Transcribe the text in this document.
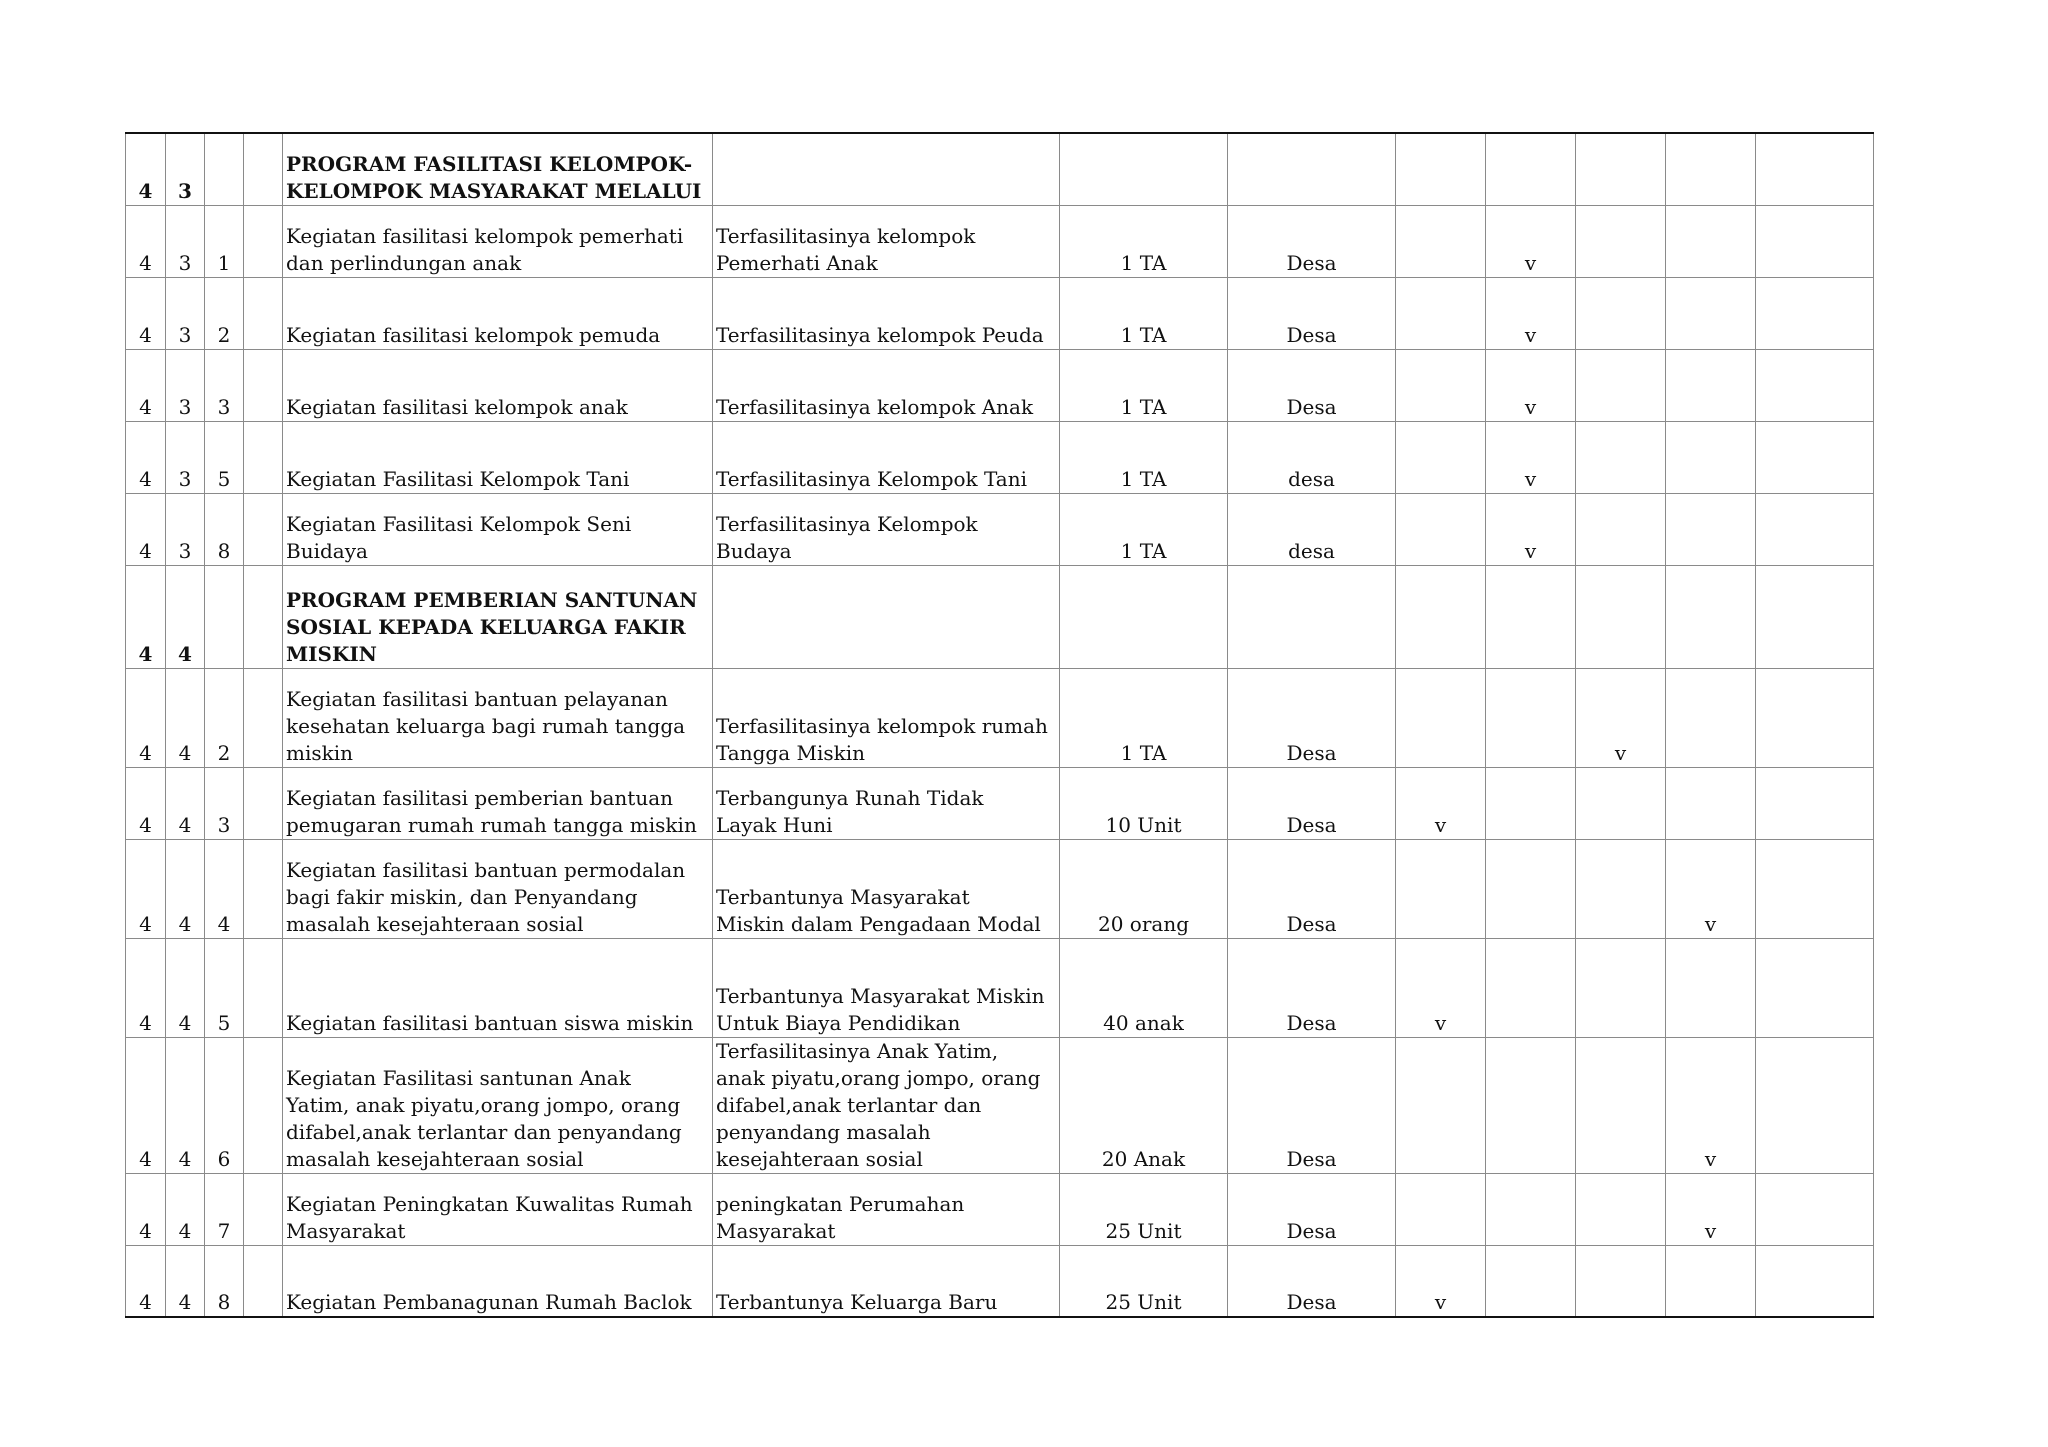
4	3			PROGRAM FASILITASI KELOMPOK-
KELOMPOK MASYARAKAT MELALUI								
4	3	1		Kegiatan fasilitasi kelompok pemerhati
dan perlindungan anak	Terfasilitasinya kelompok
Pemerhati Anak	1 TA	Desa		v			
4	3	2		Kegiatan fasilitasi kelompok pemuda	Terfasilitasinya kelompok Peuda	1 TA	Desa		v			
4	3	3		Kegiatan fasilitasi kelompok anak	Terfasilitasinya kelompok Anak	1 TA	Desa		v			
4	3	5		Kegiatan Fasilitasi Kelompok Tani	Terfasilitasinya Kelompok Tani	1 TA	desa		v			
4	3	8		Kegiatan Fasilitasi Kelompok Seni
Buidaya	Terfasilitasinya Kelompok
Budaya	1 TA	desa		v			
4	4			PROGRAM PEMBERIAN SANTUNAN
SOSIAL KEPADA KELUARGA FAKIR
MISKIN								
4	4	2		Kegiatan fasilitasi bantuan pelayanan
kesehatan keluarga bagi rumah tangga
miskin	Terfasilitasinya kelompok rumah
Tangga Miskin	1 TA	Desa			v		
4	4	3		Kegiatan fasilitasi pemberian bantuan
pemugaran rumah rumah tangga miskin	Terbangunya Runah Tidak
Layak Huni	10 Unit	Desa	v				
4	4	4		Kegiatan fasilitasi bantuan permodalan
bagi fakir miskin, dan Penyandang
masalah kesejahteraan sosial	Terbantunya Masyarakat
Miskin dalam Pengadaan Modal	20 orang	Desa				v	
4	4	5		Kegiatan fasilitasi bantuan siswa miskin	Terbantunya Masyarakat Miskin
Untuk Biaya Pendidikan	40 anak	Desa	v				
4	4	6		Kegiatan Fasilitasi santunan Anak
Yatim, anak piyatu,orang jompo, orang
difabel,anak terlantar dan penyandang
masalah kesejahteraan sosial	Terfasilitasinya Anak Yatim,
anak piyatu,orang jompo, orang
difabel,anak terlantar dan
penyandang masalah
kesejahteraan sosial	20 Anak	Desa				v	
4	4	7		Kegiatan Peningkatan Kuwalitas Rumah
Masyarakat	peningkatan Perumahan
Masyarakat	25 Unit	Desa				v	
4	4	8		Kegiatan Pembanagunan Rumah Baclok	Terbantunya Keluarga Baru	25 Unit	Desa	v				
